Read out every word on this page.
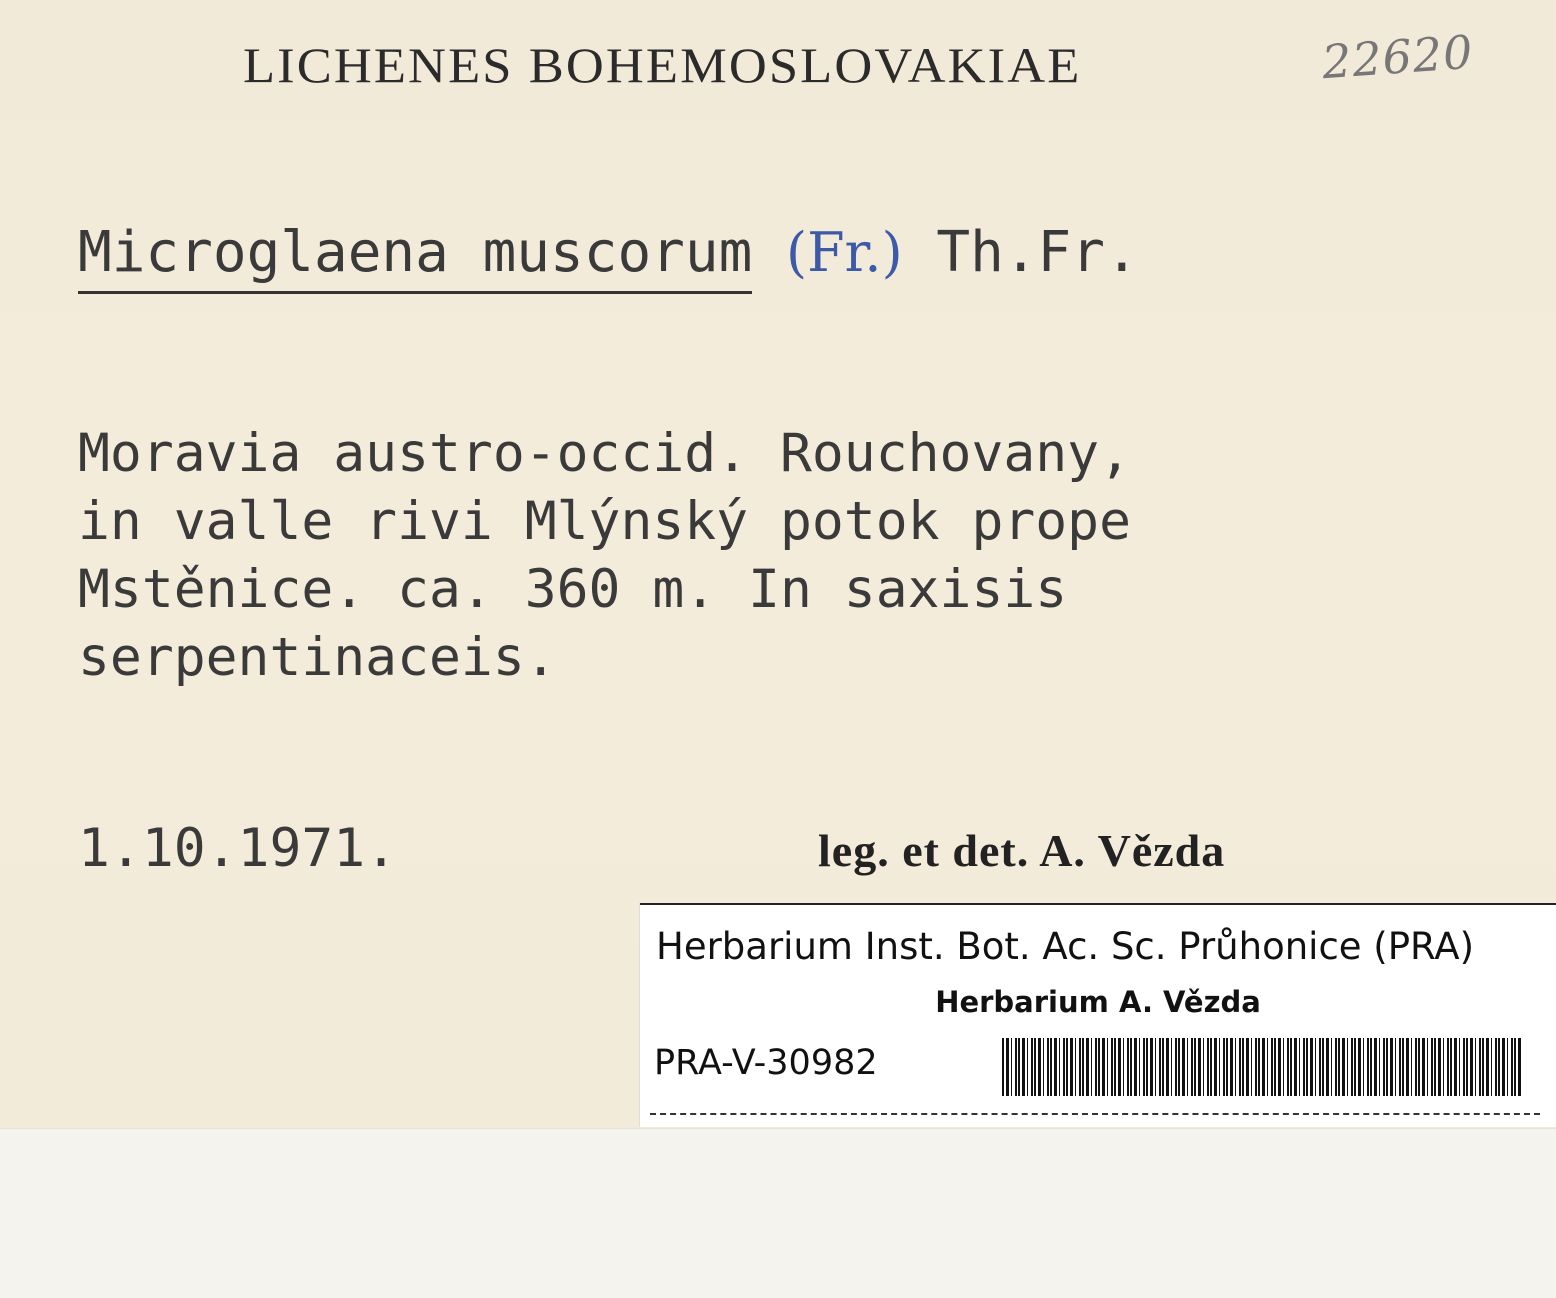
LICHENES BOHEMOSLOVAKIAE	22620
Microglaena muscorum (Fr.) Th.Fr.
Moravia austro-occid. Rouchovany,
in valle rivi Mlýnský potok prope
Mstěnice. ca. 360 m. In saxisis
serpentinaceis.
1.10.1971.	leg. et det. A. Vězda
Herbarium Inst. Bot. Ac. Sc. Průhonice (PRA)
Herbarium A. Vězda
PRA-V-30982
